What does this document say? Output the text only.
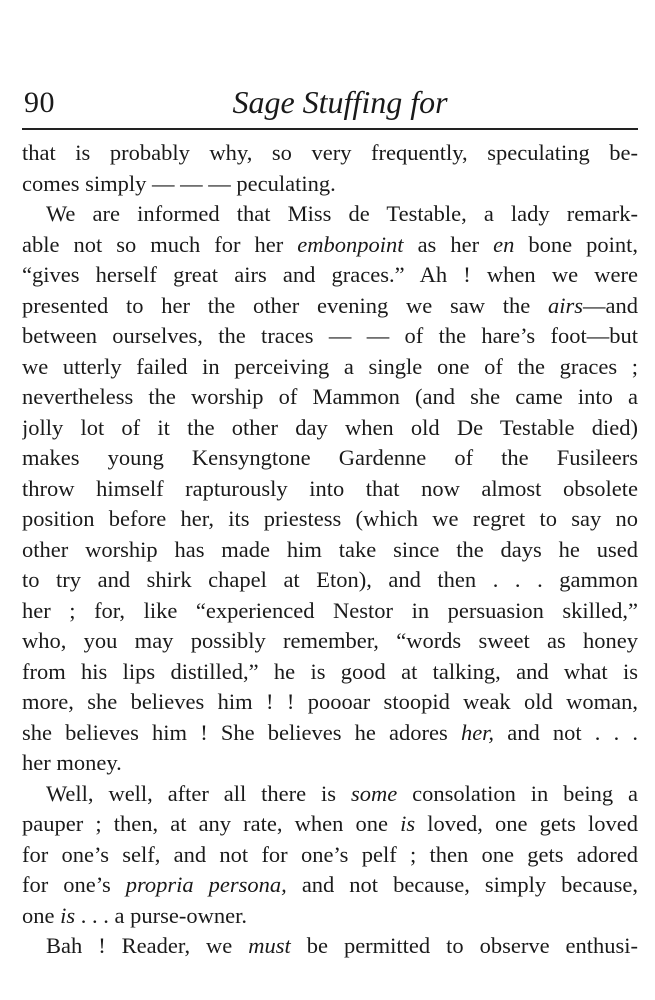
90	Sage Stuffing for
that is probably why, so very frequently, speculating be-
comes simply — — — peculating.
We are informed that Miss de Testable, a lady remark-
able not so much for her embonpoint as her en bone point,
“gives herself great airs and graces.” Ah ! when we were
presented to her the other evening we saw the airs—and
between ourselves, the traces — — of the hare’s foot—but
we utterly failed in perceiving a single one of the graces ;
nevertheless the worship of Mammon (and she came into a
jolly lot of it the other day when old De Testable died)
makes young Kensyngtone Gardenne of the Fusileers
throw himself rapturously into that now almost obsolete
position before her, its priestess (which we regret to say no
other worship has made him take since the days he used
to try and shirk chapel at Eton), and then . . . gammon
her ; for, like “experienced Nestor in persuasion skilled,”
who, you may possibly remember, “words sweet as honey
from his lips distilled,” he is good at talking, and what is
more, she believes him ! ! poooar stoopid weak old woman,
she believes him ! She believes he adores her, and not . . .
her money.
Well, well, after all there is some consolation in being a
pauper ; then, at any rate, when one is loved, one gets loved
for one’s self, and not for one’s pelf ; then one gets adored
for one’s propria persona, and not because, simply because,
one is . . . a purse-owner.
Bah ! Reader, we must be permitted to observe enthusi-
